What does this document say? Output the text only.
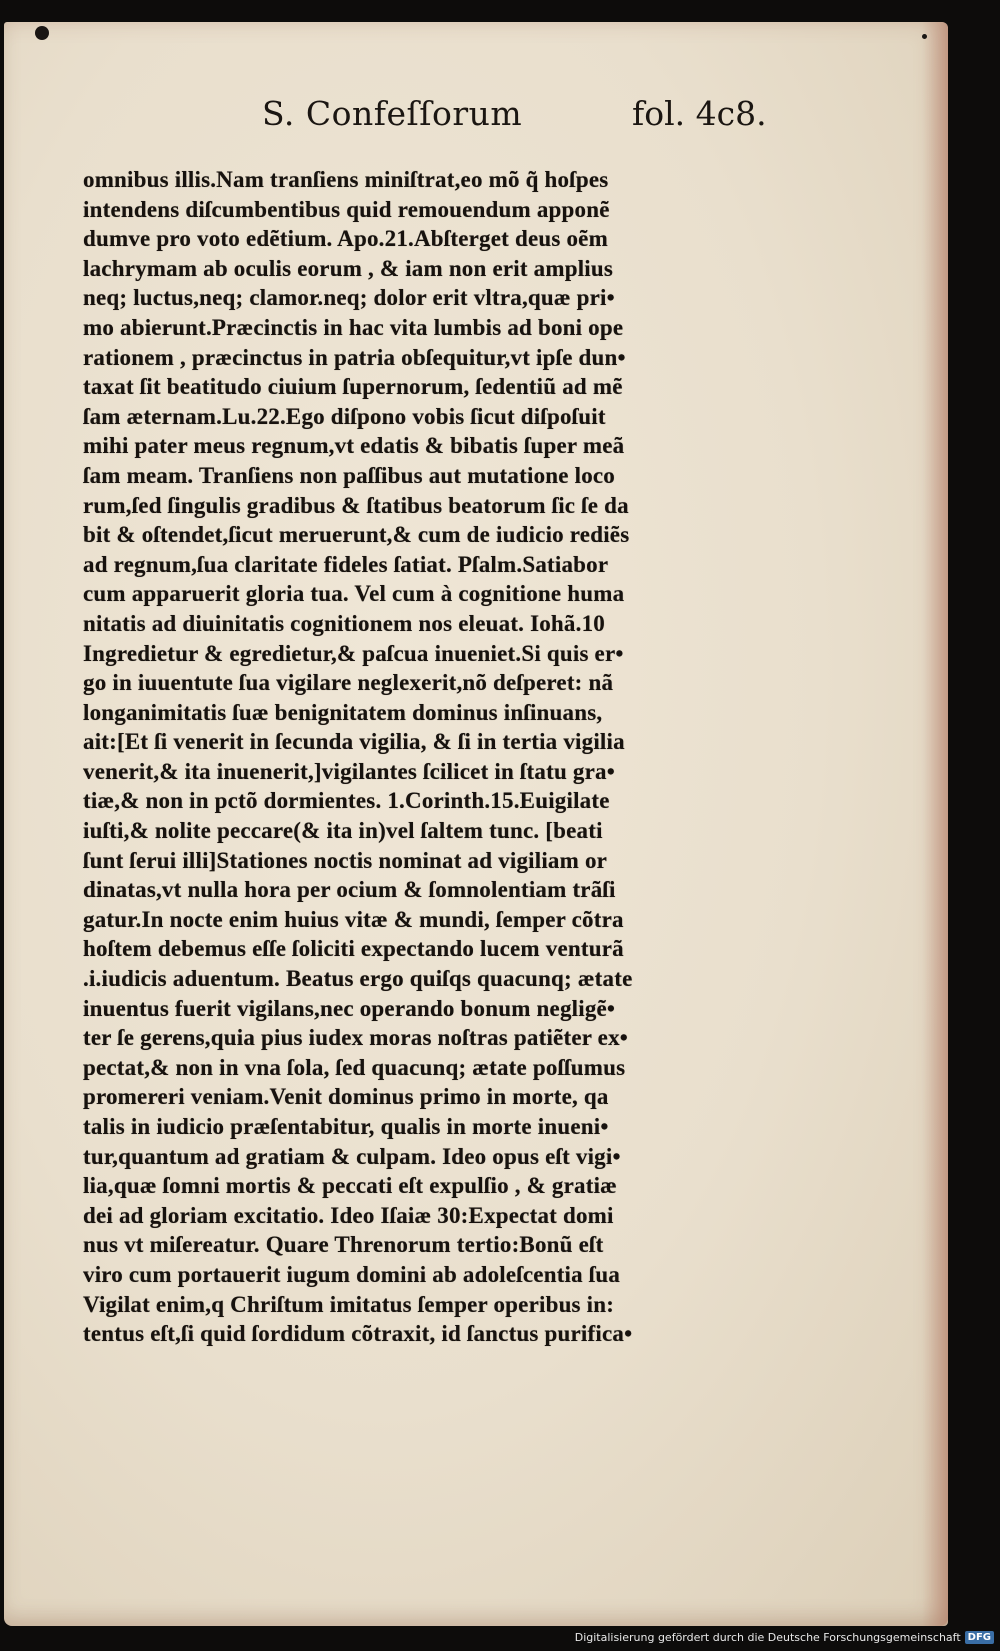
S. Confeſſorum	fol. 4c8.
omnibus illis.Nam tranſiens miniſtrat,eo mõ q̃ hoſpes
intendens diſcumbentibus quid remouendum apponẽ
dumve pro voto edẽtium. Apo.21.Abſterget deus oẽm
lachrymam ab oculis eorum , & iam non erit amplius
neq; luctus,neq; clamor.neq; dolor erit vltra,quæ pri•
mo abierunt.Præcinctis in hac vita lumbis ad boni ope
rationem , præcinctus in patria obſequitur,vt ipſe dun•
taxat ſit beatitudo ciuium ſupernorum, ſedentiũ ad mẽ
ſam æternam.Lu.22.Ego diſpono vobis ſicut diſpoſuit
mihi pater meus regnum,vt edatis & bibatis ſuper meã
ſam meam. Tranſiens non paſſibus aut mutatione loco
rum,ſed ſingulis gradibus & ſtatibus beatorum ſic ſe da
bit & oſtendet,ſicut meruerunt,& cum de iudicio rediẽs
ad regnum,ſua claritate fideles ſatiat. Pſalm.Satiabor
cum apparuerit gloria tua. Vel cum à cognitione huma
nitatis ad diuinitatis cognitionem nos eleuat. Iohã.10
Ingredietur & egredietur,& paſcua inueniet.Si quis er•
go in iuuentute ſua vigilare neglexerit,nõ deſperet: nã
longanimitatis ſuæ benignitatem dominus inſinuans,
ait:[Et ſi venerit in ſecunda vigilia, & ſi in tertia vigilia
venerit,& ita inuenerit,]vigilantes ſcilicet in ſtatu gra•
tiæ,& non in pctõ dormientes. 1.Corinth.15.Euigilate
iuſti,& nolite peccare(& ita in)vel ſaltem tunc. [beati
ſunt ſerui illi]Stationes noctis nominat ad vigiliam or
dinatas,vt nulla hora per ocium & ſomnolentiam trãſi
gatur.In nocte enim huius vitæ & mundi, ſemper cõtra
hoſtem debemus eſſe ſoliciti expectando lucem venturã
.i.iudicis aduentum. Beatus ergo quiſqs quacunq; ætate
inuentus fuerit vigilans,nec operando bonum negligẽ•
ter ſe gerens,quia pius iudex moras noſtras patiẽter ex•
pectat,& non in vna ſola, ſed quacunq; ætate poſſumus
promereri veniam.Venit dominus primo in morte, qa
talis in iudicio præſentabitur, qualis in morte inueni•
tur,quantum ad gratiam & culpam. Ideo opus eſt vigi•
lia,quæ ſomni mortis & peccati eſt expulſio , & gratiæ
dei ad gloriam excitatio. Ideo Iſaiæ 30:Expectat domi
nus vt miſereatur. Quare Threnorum tertio:Bonũ eſt
viro cum portauerit iugum domini ab adoleſcentia ſua
Vigilat enim,q Chriſtum imitatus ſemper operibus in:
tentus eſt,ſi quid ſordidum cõtraxit, id ſanctus purifica•
Digitalisierung gefördert durch die Deutsche Forschungsgemeinschaft DFG
